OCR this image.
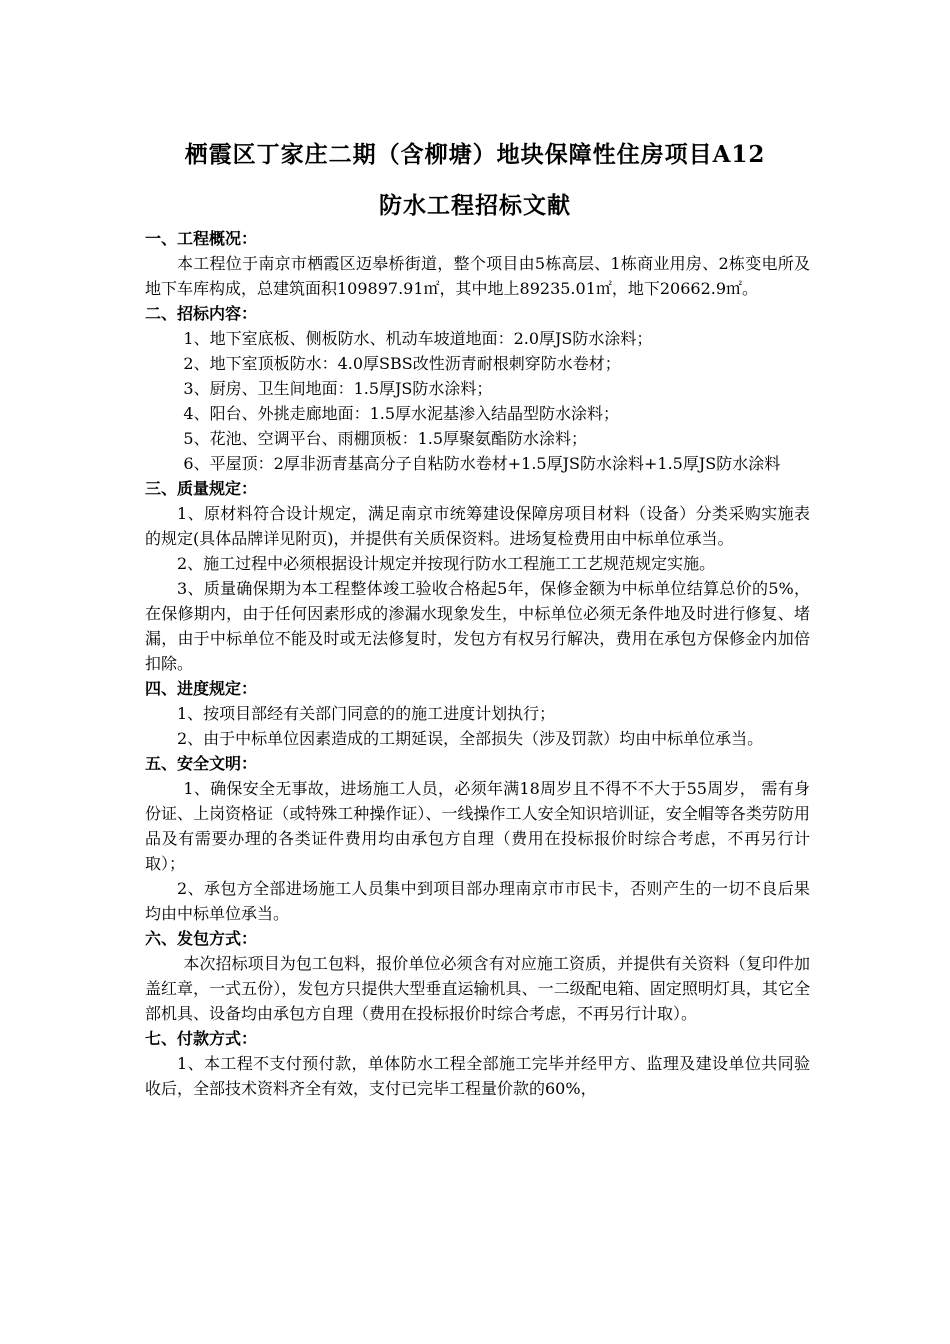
栖霞区丁家庄二期（含柳塘）地块保障性住房项目A12
防水工程招标文献
一、工程概况：
本工程位于南京市栖霞区迈皋桥街道，整个项目由5栋高层、1栋商业用房、2栋变电所及地下车库构成，总建筑面积109897.91㎡，其中地上89235.01㎡，地下20662.9㎡。
二、招标内容：
1、地下室底板、侧板防水、机动车坡道地面：2.0厚JS防水涂料；
2、地下室顶板防水：4.0厚SBS改性沥青耐根刺穿防水卷材；
3、厨房、卫生间地面：1.5厚JS防水涂料；
4、阳台、外挑走廊地面：1.5厚水泥基渗入结晶型防水涂料；
5、花池、空调平台、雨棚顶板：1.5厚聚氨酯防水涂料；
6、平屋顶：2厚非沥青基高分子自粘防水卷材+1.5厚JS防水涂料+1.5厚JS防水涂料
三、质量规定：
1、原材料符合设计规定，满足南京市统筹建设保障房项目材料（设备）分类采购实施表的规定(具体品牌详见附页)，并提供有关质保资料。进场复检费用由中标单位承当。
2、施工过程中必须根据设计规定并按现行防水工程施工工艺规范规定实施。
3、质量确保期为本工程整体竣工验收合格起5年，保修金额为中标单位结算总价的5%，在保修期内，由于任何因素形成的渗漏水现象发生，中标单位必须无条件地及时进行修复、堵漏，由于中标单位不能及时或无法修复时，发包方有权另行解决，费用在承包方保修金内加倍扣除。
四、进度规定：
1、按项目部经有关部门同意的的施工进度计划执行；
2、由于中标单位因素造成的工期延误，全部损失（涉及罚款）均由中标单位承当。
五、安全文明：
1、确保安全无事故，进场施工人员，必须年满18周岁且不得不不大于55周岁， 需有身份证、上岗资格证（或特殊工种操作证）、一线操作工人安全知识培训证，安全帽等各类劳防用品及有需要办理的各类证件费用均由承包方自理（费用在投标报价时综合考虑，不再另行计取）；
2、承包方全部进场施工人员集中到项目部办理南京市市民卡，否则产生的一切不良后果均由中标单位承当。
六、发包方式：
本次招标项目为包工包料，报价单位必须含有对应施工资质，并提供有关资料（复印件加盖红章，一式五份），发包方只提供大型垂直运输机具、一二级配电箱、固定照明灯具，其它全部机具、设备均由承包方自理（费用在投标报价时综合考虑，不再另行计取）。
七、付款方式：
1、本工程不支付预付款，单体防水工程全部施工完毕并经甲方、监理及建设单位共同验收后，全部技术资料齐全有效，支付已完毕工程量价款的60%，
